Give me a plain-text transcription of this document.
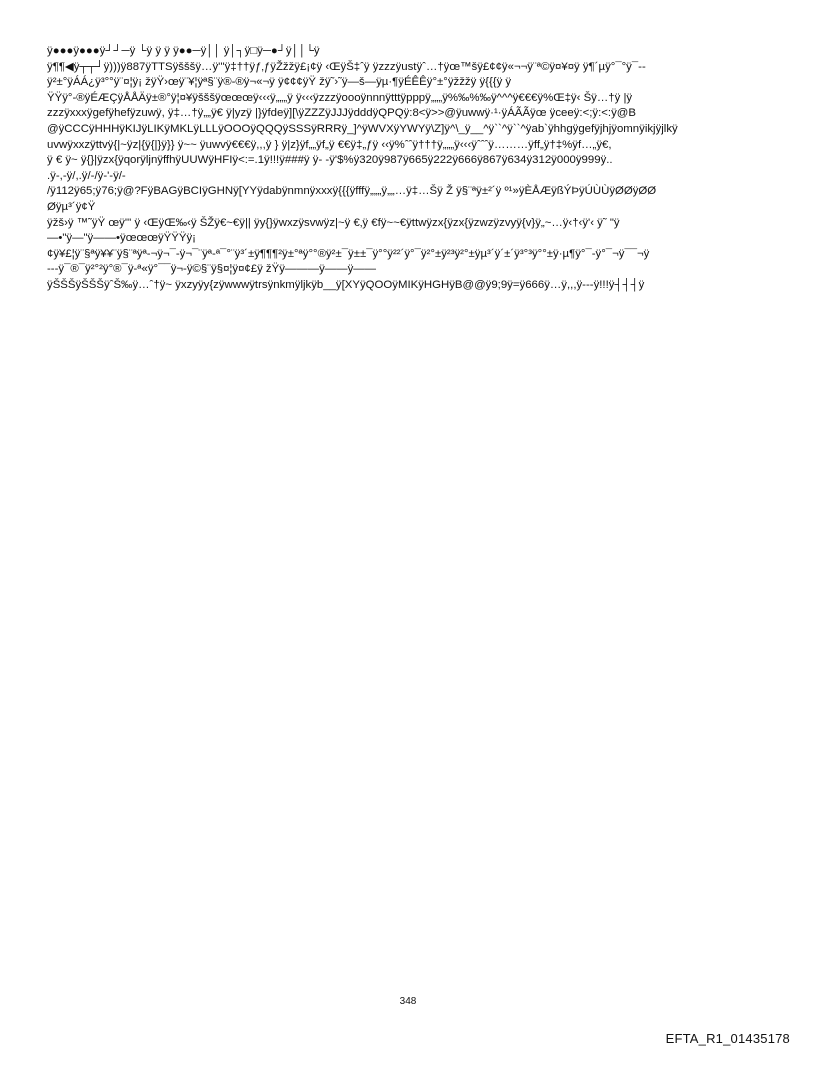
ÿ●●●ÿ●●●ÿ┘┘─ÿ └ÿ ÿ ÿ ÿ●●─ÿ││ ÿ│┐ÿ□ÿ─●┘ÿ││└ÿ
ÿ¶¶◀ÿ┬┬┘ÿ)))ÿ887ÿTTSÿšššÿ…ÿ'''ÿ‡††ÿƒ‚ƒÿŽžžÿ£¡¢ÿ ‹ŒÿŠ‡ˆÿ ÿzzzÿustÿˆ…†ÿœ™šÿ£¢¢ÿ«¬¬ÿ¨ª©ÿ¤¥¤ÿ ÿ¶´µÿ°¯°ÿ¯--
ÿ²±°ÿÁÁ¿ÿ³°°ÿ¨¤¦ÿ¡ žÿŸ›œÿ¨¥¦ÿª§¨ÿ®-®ÿ¬«¬ÿ ÿ¢¢¢ÿŸ žÿ˜›˜ÿ—š—ÿµ·¶ÿÉÊÊÿ°±°ÿžžžÿ ÿ{{{ÿ ÿ
ŸŸÿ°-®ÿÉÆÇÿÅÅÄÿ±®°ÿ¦¤¥ÿšššÿœœœÿ‹‹‹ÿ„„„ÿ ÿ‹‹‹ÿzzzÿoooÿnnnÿtttÿpppÿ„„„ÿ%‰%‰ÿ^^^ÿ€€€ÿ%Œ‡ÿ‹ Šÿ…†ÿ |ÿ
zzzÿxxxÿgefÿhefÿzuwÿ, ÿ‡…†ÿ„„ÿ€ ÿ|yzÿ |}ÿfdeÿ][\ÿZZZÿJJJÿdddÿQPQÿ:8<ÿ>>@ÿuwwÿ·¹·ÿÁÃÃÿœ ÿceeÿ:<;ÿ:<:ÿ@B
@ÿCCCÿHHHÿKIJÿLIKÿMKLÿLLLÿOOOÿQQQÿSSSÿRRRÿ_]^ÿWVXÿYWYÿ\Z]ÿ^\_ÿ__^ÿ``^ÿ``^ÿab`ÿhhgÿgefÿjhjÿomnÿikjÿjlkÿ
uvwÿxxzÿttvÿ{|~ÿz|{ÿ{|}ÿ}} ÿ~~ ÿuwvÿ€€€ÿ,,,ÿ } ÿ|z}ÿf„„ÿf„ÿ €€ÿ‡„ƒÿ ‹‹ÿ%ˆˆÿ†††ÿ„„„ÿ‹‹‹ÿˆˆˆÿ………ÿff„ÿ†‡%ÿf…„ÿ€,
ÿ € ÿ~ ÿ{}|ÿzx{ÿqorÿljnÿffhÿUUWÿHFIÿ<:=.1ÿ!!!ÿ###ÿ ÿ- -ÿ'$%ÿ320ÿ987ÿ665ÿ222ÿ666ÿ867ÿ634ÿ312ÿ000ÿ999ÿ..
.ÿ-,-ÿ/,.ÿ/-/ÿ-'-ÿ/-
/ÿ112ÿ65;ÿ76;ÿ@?FÿBAGÿBCIÿGHNÿ[YYÿdabÿnmnÿxxxÿ{{{ÿfffÿ„„„ÿ„„…ÿ‡…Šÿ Ž ÿ§¨ªÿ±²´ÿ º¹»ÿÈÅÆÿßÝÞÿÚÙÙÿØØÿØØ
Øÿµ³´ÿ¢Ÿ
ÿžš›ÿ ™˜ÿŸ œÿ''' ÿ ‹ŒÿŒ‰‹ÿ ŠŽÿ€~€ÿ|| ÿy{}ÿwxzÿsvwÿz|~ÿ €‚ÿ €fÿ~~€ÿttwÿzx{ÿzx{ÿzwzÿzvyÿ{v}ÿ„~…ÿ‹†‹ÿ'‹ ÿ˜ "ÿ
—•"ÿ—"ÿ——•ÿœœœÿŸŸŸÿ¡
¢ÿ¥£¦ÿ¨§ªÿ¥¥¨ÿ§¨ªÿª-¬ÿ¬¯-ÿ¬¯¨ÿª-ª¯°¨ÿ³´±ÿ¶¶¶²ÿ±°ªÿ°°®ÿ²±¯ÿ±±¯ÿ°°ÿ²²´ÿ°¯ÿ²°±ÿ²³ÿ²°±ÿµ³´ÿ´±´ÿ³°³ÿ°°±ÿ·µ¶ÿ°¯-ÿ°¯¬ÿ¯¯¬ÿ
---ÿ¯®¯ÿ²°²ÿ°®¯ÿ-ª«ÿ°¯¯ÿ¬-ÿ©§¨ÿ§¤¦ÿ¤¢£ÿ žŸÿ———ÿ——ÿ——
ÿŠŠŠÿŠŠŠÿˆŠ‰ÿ…ˆ†ÿ~ ÿxzyÿy{zÿwwwÿtrsÿnkmÿljkÿb__ÿ[XYÿQOOÿMIKÿHGHÿB@@ÿ9;9ÿ=ÿ666ÿ…ÿ,,,ÿ---ÿ!!!ÿ┤┤┤ÿ
348
EFTA_R1_01435178
